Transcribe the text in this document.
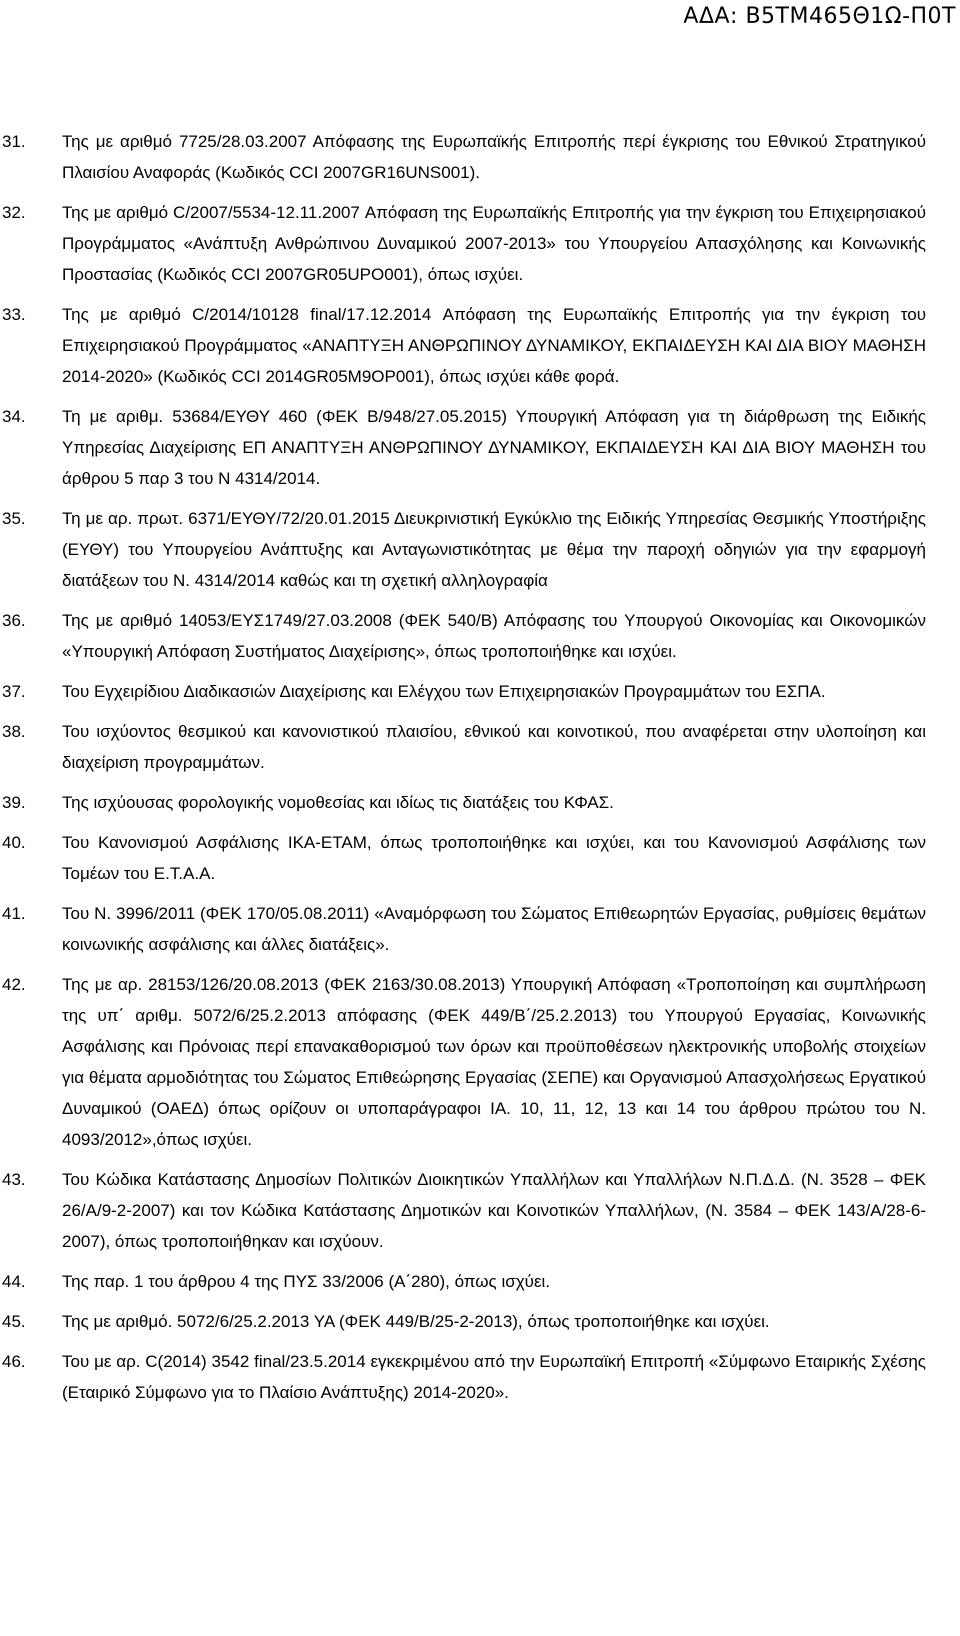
ΑΔΑ: Β5ΤΜ465Θ1Ω-Π0Τ
31.	Της με αριθμό 7725/28.03.2007 Απόφασης της Ευρωπαϊκής Επιτροπής περί έγκρισης του Εθνικού Στρατηγικού Πλαισίου Αναφοράς (Κωδικός CCI 2007GR16UNS001).
32.	Της με αριθμό C/2007/5534-12.11.2007 Απόφαση της Ευρωπαϊκής Επιτροπής για την έγκριση του Επιχειρησιακού Προγράμματος «Ανάπτυξη Ανθρώπινου Δυναμικού 2007-2013» του Υπουργείου Απασχόλησης και Κοινωνικής Προστασίας (Κωδικός CCI 2007GR05UPO001), όπως ισχύει.
33.	Της με αριθμό C/2014/10128 final/17.12.2014 Απόφαση της Ευρωπαϊκής Επιτροπής για την έγκριση του Επιχειρησιακού Προγράμματος «ΑΝΑΠΤΥΞΗ ΑΝΘΡΩΠΙΝΟΥ ΔΥΝΑΜΙΚΟΥ, ΕΚΠΑΙΔΕΥΣΗ ΚΑΙ ΔΙΑ ΒΙΟΥ ΜΑΘΗΣΗ 2014-2020» (Κωδικός CCI 2014GR05M9OP001), όπως ισχύει κάθε φορά.
34.	Τη με αριθμ. 53684/ΕΥΘΥ 460 (ΦΕΚ Β/948/27.05.2015) Υπουργική Απόφαση για τη διάρθρωση της Ειδικής Υπηρεσίας Διαχείρισης ΕΠ ΑΝΑΠΤΥΞΗ ΑΝΘΡΩΠΙΝΟΥ ΔΥΝΑΜΙΚΟΥ, ΕΚΠΑΙΔΕΥΣΗ ΚΑΙ ΔΙΑ ΒΙΟΥ ΜΑΘΗΣΗ του άρθρου 5 παρ 3 του Ν 4314/2014.
35.	Τη με αρ. πρωτ. 6371/ΕΥΘΥ/72/20.01.2015 Διευκρινιστική Εγκύκλιο της Ειδικής Υπηρεσίας Θεσμικής Υποστήριξης (ΕΥΘΥ) του Υπουργείου Ανάπτυξης και Ανταγωνιστικότητας με θέμα την παροχή οδηγιών για την εφαρμογή διατάξεων του Ν. 4314/2014 καθώς και τη σχετική αλληλογραφία
36.	Της με αριθμό 14053/ΕΥΣ1749/27.03.2008 (ΦΕΚ 540/Β) Απόφασης του Υπουργού Οικονομίας και Οικονομικών «Υπουργική Απόφαση Συστήματος Διαχείρισης», όπως τροποποιήθηκε και ισχύει.
37.	Του Εγχειρίδιου Διαδικασιών Διαχείρισης και Ελέγχου των Επιχειρησιακών Προγραμμάτων του ΕΣΠΑ.
38.	Του ισχύοντος θεσμικού και κανονιστικού πλαισίου, εθνικού και κοινοτικού, που αναφέρεται στην υλοποίηση και διαχείριση προγραμμάτων.
39.	Της ισχύουσας φορολογικής νομοθεσίας και ιδίως τις διατάξεις του ΚΦΑΣ.
40.	Του Κανονισμού Ασφάλισης ΙΚΑ-ΕΤΑΜ, όπως τροποποιήθηκε και ισχύει, και του Κανονισμού Ασφάλισης των Τομέων του Ε.Τ.Α.Α.
41.	Του Ν. 3996/2011 (ΦΕΚ 170/05.08.2011) «Αναμόρφωση του Σώματος Επιθεωρητών Εργασίας, ρυθμίσεις θεμάτων κοινωνικής ασφάλισης και άλλες διατάξεις».
42.	Της με αρ. 28153/126/20.08.2013 (ΦΕΚ 2163/30.08.2013) Υπουργική Απόφαση «Τροποποίηση και συμπλήρωση της υπ΄ αριθμ. 5072/6/25.2.2013 απόφασης (ΦΕΚ 449/Β΄/25.2.2013) του Υπουργού Εργασίας, Κοινωνικής Ασφάλισης και Πρόνοιας περί επανακαθορισμού των όρων και προϋποθέσεων ηλεκτρονικής υποβολής στοιχείων για θέματα αρμοδιότητας του Σώματος Επιθεώρησης Εργασίας (ΣΕΠΕ) και Οργανισμού Απασχολήσεως Εργατικού Δυναμικού (ΟΑΕΔ) όπως ορίζουν οι υποπαράγραφοι ΙΑ. 10, 11, 12, 13 και 14 του άρθρου πρώτου του Ν. 4093/2012»,όπως ισχύει.
43.	Του Κώδικα Κατάστασης Δημοσίων Πολιτικών Διοικητικών Υπαλλήλων και Υπαλλήλων Ν.Π.Δ.Δ. (Ν. 3528 – ΦΕΚ 26/Α/9-2-2007) και τον Κώδικα Κατάστασης Δημοτικών και Κοινοτικών Υπαλλήλων, (Ν. 3584 – ΦΕΚ 143/Α/28-6-2007), όπως τροποποιήθηκαν και ισχύουν.
44.	Της παρ. 1 του άρθρου 4 της ΠΥΣ 33/2006 (Α΄280), όπως ισχύει.
45.	Της με αριθμό. 5072/6/25.2.2013 ΥΑ (ΦΕΚ 449/Β/25-2-2013), όπως τροποποιήθηκε και ισχύει.
46.	Του με αρ. C(2014) 3542 final/23.5.2014 εγκεκριμένου από την Ευρωπαϊκή Επιτροπή «Σύμφωνο Εταιρικής Σχέσης (Εταιρικό Σύμφωνο για το Πλαίσιο Ανάπτυξης) 2014-2020».
